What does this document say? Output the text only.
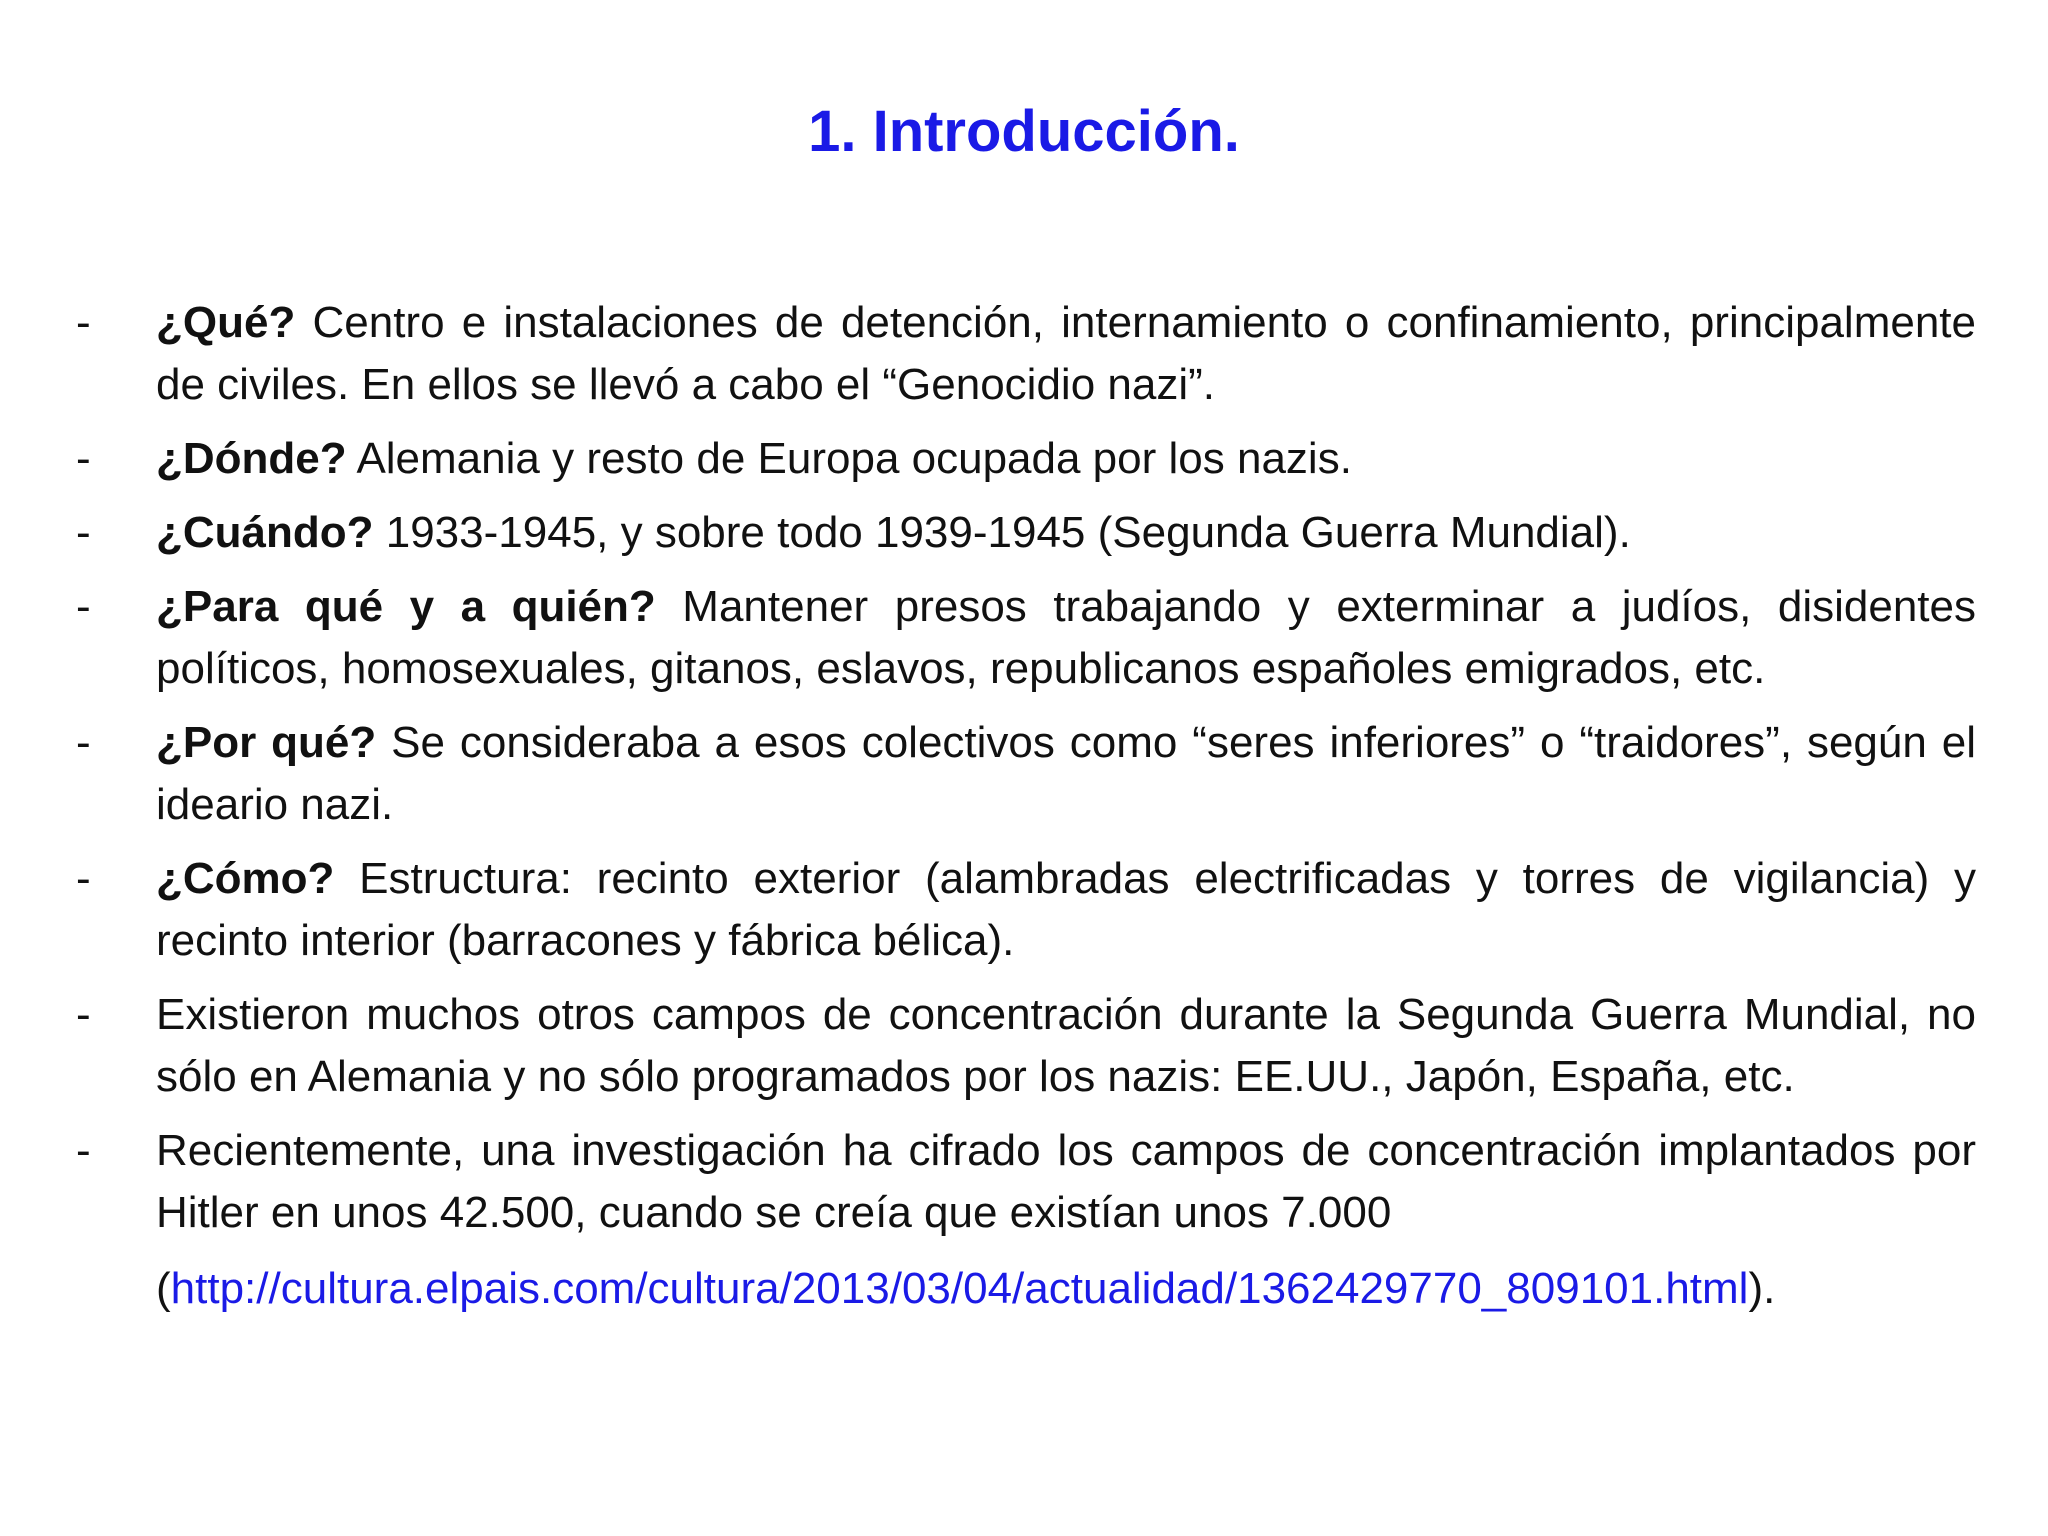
1. Introducción.
-	¿Qué? Centro e instalaciones de detención, internamiento o confinamiento, principalmente de civiles. En ellos se llevó a cabo el “Genocidio nazi”.
-	¿Dónde? Alemania y resto de Europa ocupada por los nazis.
-	¿Cuándo? 1933-1945, y sobre todo 1939-1945 (Segunda Guerra Mundial).
-	¿Para qué y a quién? Mantener presos trabajando y exterminar a judíos, disidentes políticos, homosexuales, gitanos, eslavos, republicanos españoles emigrados, etc.
-	¿Por qué? Se consideraba a esos colectivos como “seres inferiores” o “traidores”, según el ideario nazi.
-	¿Cómo? Estructura: recinto exterior (alambradas electrificadas y torres de vigilancia) y recinto interior (barracones y fábrica bélica).
-	Existieron muchos otros campos de concentración durante la Segunda Guerra Mundial, no sólo en Alemania y no sólo programados por los nazis: EE.UU., Japón, España, etc.
-	Recientemente, una investigación ha cifrado los campos de concentración implantados por Hitler en unos 42.500, cuando se creía que existían unos 7.000
(http://cultura.elpais.com/cultura/2013/03/04/actualidad/1362429770_809101.html).
